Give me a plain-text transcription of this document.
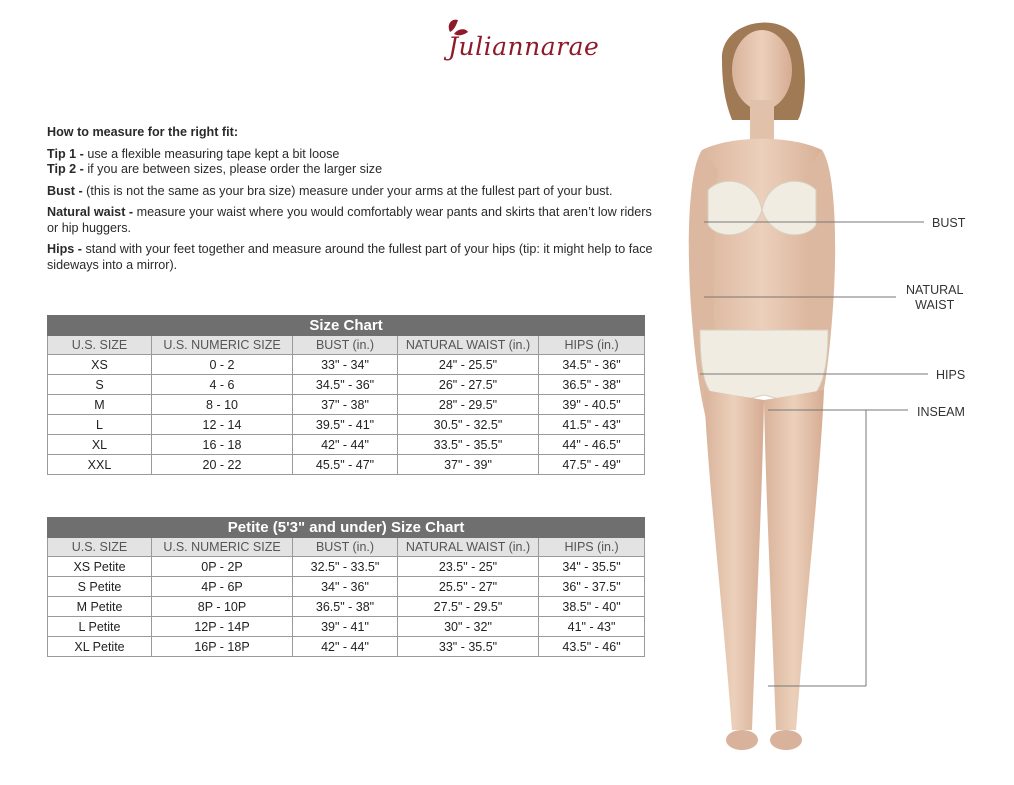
Juliannarae
How to measure for the right fit:

Tip 1 - use a flexible measuring tape kept a bit loose

Tip 2 - if you are between sizes, please order the larger size

Bust - (this is not the same as your bra size) measure under your arms at the fullest part of your bust.

Natural waist - measure your waist where you would comfortably wear pants and skirts that aren’t low riders or hip huggers.

Hips - stand with your feet together and measure around the fullest part of your hips (tip: it might help to face sideways into a mirror).

Size Chart				
U.S. SIZE	U.S. NUMERIC SIZE	BUST (in.)	NATURAL WAIST (in.)	HIPS (in.)
XS	0 - 2	33" - 34"	24" - 25.5"	34.5" - 36"
S	4 - 6	34.5" - 36"	26" - 27.5"	36.5" - 38"
M	8 - 10	37" - 38"	28" - 29.5"	39" - 40.5"
L	12 - 14	39.5" - 41"	30.5" - 32.5"	41.5" - 43"
XL	16 - 18	42" - 44"	33.5" - 35.5"	44" - 46.5"
XXL	20 - 22	45.5" - 47"	37" - 39"	47.5" - 49"
Petite (5'3" and under) Size Chart				
U.S. SIZE	U.S. NUMERIC SIZE	BUST (in.)	NATURAL WAIST (in.)	HIPS (in.)
XS Petite	0P - 2P	32.5" - 33.5"	23.5" - 25"	34" - 35.5"
S Petite	4P - 6P	34" - 36"	25.5" - 27"	36" - 37.5"
M Petite	8P - 10P	36.5" - 38"	27.5" - 29.5"	38.5" - 40"
L Petite	12P - 14P	39" - 41"	30" - 32"	41" - 43"
XL Petite	16P - 18P	42" - 44"	33" - 35.5"	43.5" - 46"
BUST
NATURAL
WAIST
HIPS
INSEAM
